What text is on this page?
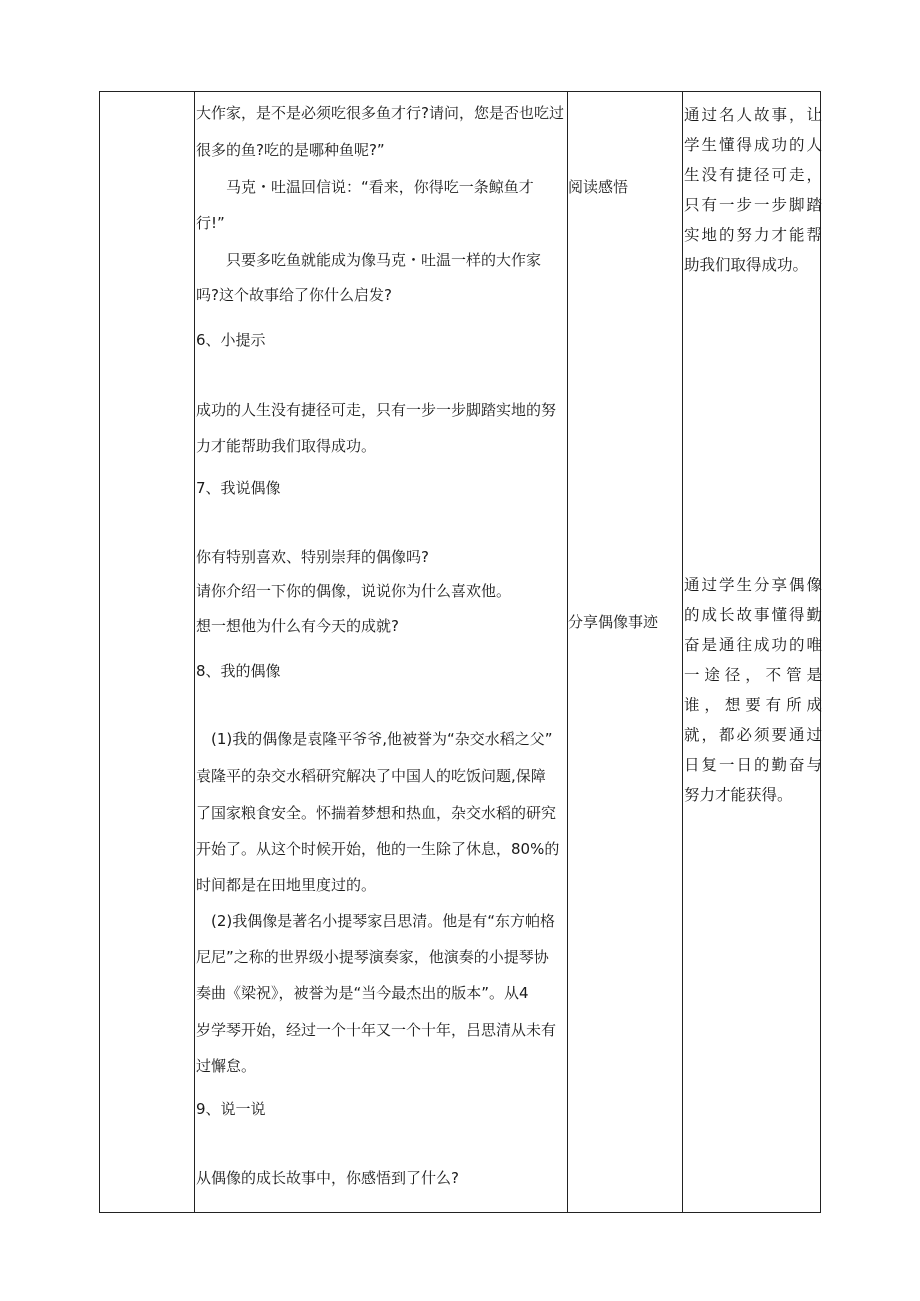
大作家，是不是必须吃很多鱼才行?请问，您是否也吃过
很多的鱼?吃的是哪种鱼呢?”
　　马克・吐温回信说：“看来，你得吃一条鲸鱼才
行!”
　　只要多吃鱼就能成为像马克・吐温一样的大作家
吗?这个故事给了你什么启发?
6、小提示
成功的人生没有捷径可走，只有一步一步脚踏实地的努
力才能帮助我们取得成功。
7、我说偶像
你有特别喜欢、特别崇拜的偶像吗?
请你介绍一下你的偶像，说说你为什么喜欢他。
想一想他为什么有今天的成就?
8、我的偶像
　(1)我的偶像是袁隆平爷爷,他被誉为“杂交水稻之父”
袁隆平的杂交水稻研究解决了中国人的吃饭问题,保障
了国家粮食安全。怀揣着梦想和热血，杂交水稻的研究
开始了。从这个时候开始，他的一生除了休息，80%的
时间都是在田地里度过的。
　(2)我偶像是著名小提琴家吕思清。他是有“东方帕格
尼尼”之称的世界级小提琴演奏家，他演奏的小提琴协
奏曲《梁祝》，被誉为是“当今最杰出的版本”。从4
岁学琴开始，经过一个十年又一个十年，吕思清从未有
过懈怠。
9、说一说
从偶像的成长故事中，你感悟到了什么?
阅读感悟
分享偶像事迹
通过名人故事，让学生懂得成功的人生没有捷径可走，只有一步一步脚踏实地的努力才能帮助我们取得成功。
通过学生分享偶像的成长故事懂得勤奋是通往成功的唯一途径，不管是谁，想要有所成就，都必须要通过日复一日的勤奋与努力才能获得。
